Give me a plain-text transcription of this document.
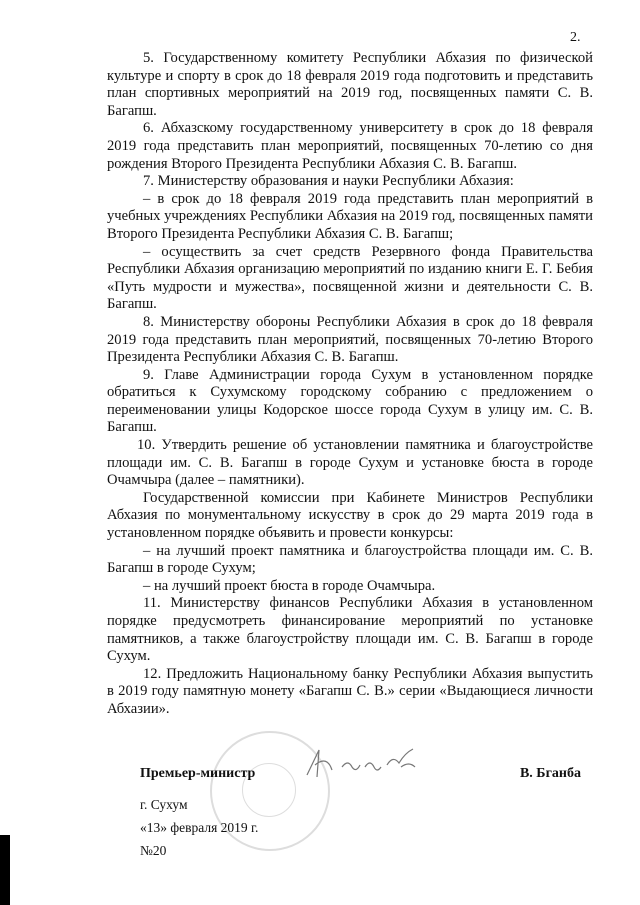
2.

5. Государственному комитету Республики Абхазия по физической культуре и спорту в срок до 18 февраля 2019 года подготовить и представить план спортивных мероприятий на 2019 год, посвященных памяти С. В. Багапш.

6. Абхазскому государственному университету в срок до 18 февраля 2019 года представить план мероприятий, посвященных 70-летию со дня рождения Второго Президента Республики Абхазия С. В. Багапш.

7. Министерству образования и науки Республики Абхазия:

– в срок до 18 февраля 2019 года представить план мероприятий в учебных учреждениях Республики Абхазия на 2019 год, посвященных памяти Второго Президента Республики Абхазия С. В. Багапш;

– осуществить за счет средств Резервного фонда Правительства Республики Абхазия организацию мероприятий по изданию книги Е. Г. Бебия «Путь мудрости и мужества», посвященной жизни и деятельности С. В. Багапш.

8. Министерству обороны Республики Абхазия в срок до 18 февраля 2019 года представить план мероприятий, посвященных 70-летию Второго Президента Республики Абхазия С. В. Багапш.

9. Главе Администрации города Сухум в установленном порядке обратиться к Сухумскому городскому собранию с предложением о переименовании улицы Кодорское шоссе города Сухум в улицу им. С. В. Багапш.

10. Утвердить решение об установлении памятника и благоустройстве площади им. С. В. Багапш в городе Сухум и установке бюста в городе Очамчыра (далее – памятники).

Государственной комиссии при Кабинете Министров Республики Абхазия по монументальному искусству в срок до 29 марта 2019 года в установленном порядке объявить и провести конкурсы:

– на лучший проект памятника и благоустройства площади им. С. В. Багапш в городе Сухум;

– на лучший проект бюста в городе Очамчыра.

11. Министерству финансов Республики Абхазия в установленном порядке предусмотреть финансирование мероприятий по установке памятников, а также благоустройству площади им. С. В. Багапш в городе Сухум.

12. Предложить Национальному банку Республики Абхазия выпустить в 2019 году памятную монету «Багапш С. В.» серии «Выдающиеся личности Абхазии».

Премьер-министр	В. Бганба
г. Сухум
«13» февраля 2019 г.
№20
